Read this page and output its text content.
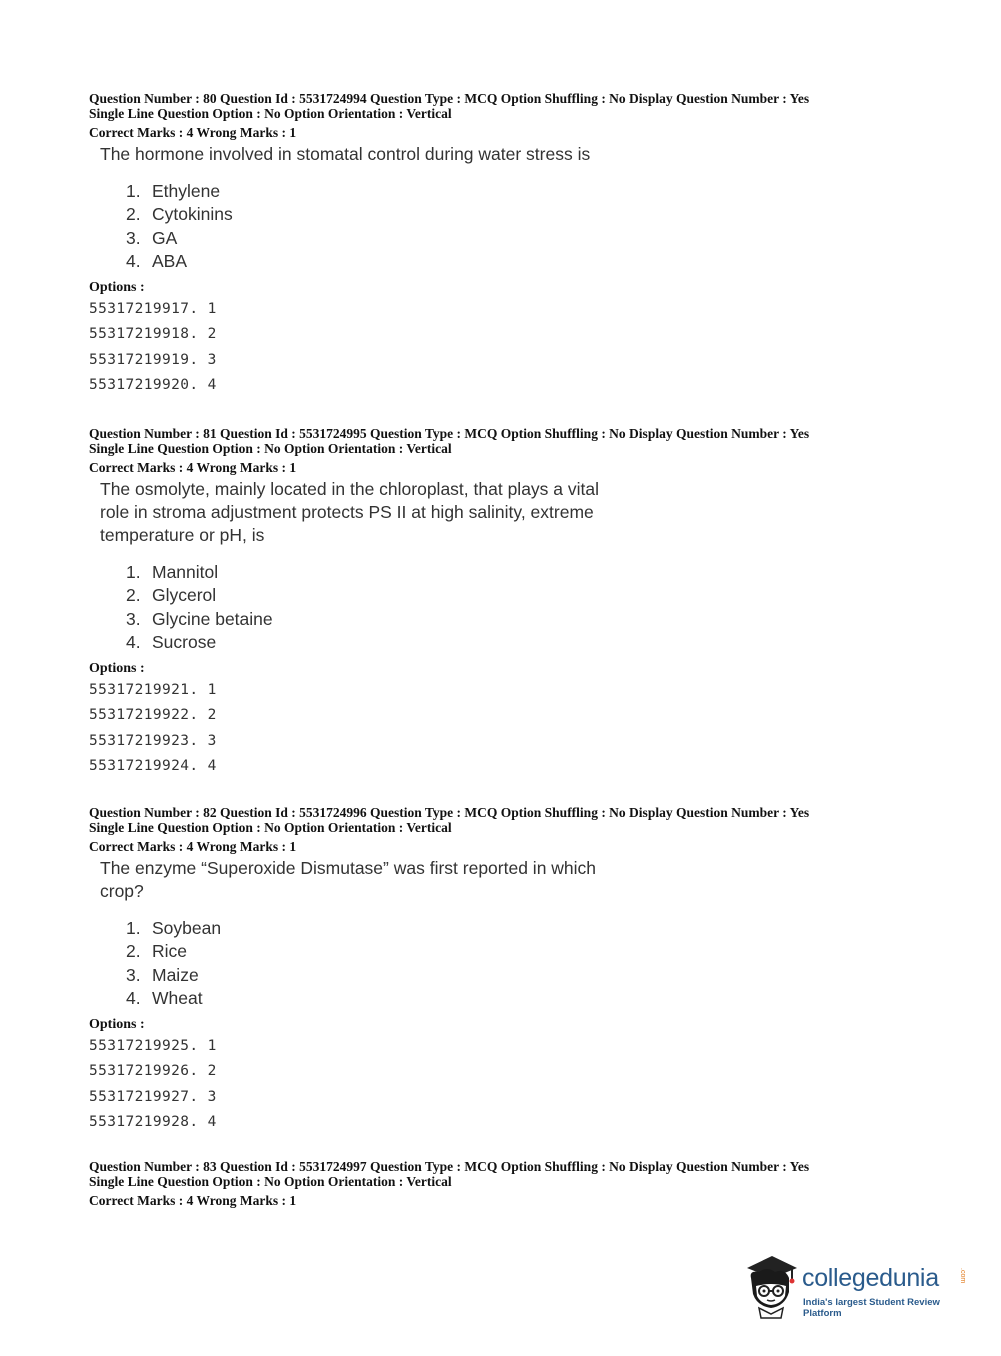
Question Number : 80 Question Id : 5531724994 Question Type : MCQ Option Shuffling : No Display Question Number : Yes
Single Line Question Option : No Option Orientation : Vertical
Correct Marks : 4 Wrong Marks : 1
The hormone involved in stomatal control during water stress is
1. Ethylene
2. Cytokinins
3. GA
4. ABA
Options :
55317219917. 1
55317219918. 2
55317219919. 3
55317219920. 4
Question Number : 81 Question Id : 5531724995 Question Type : MCQ Option Shuffling : No Display Question Number : Yes
Single Line Question Option : No Option Orientation : Vertical
Correct Marks : 4 Wrong Marks : 1
The osmolyte, mainly located in the chloroplast, that plays a vital role in stroma adjustment protects PS II at high salinity, extreme temperature or pH, is
1. Mannitol
2. Glycerol
3. Glycine betaine
4. Sucrose
Options :
55317219921. 1
55317219922. 2
55317219923. 3
55317219924. 4
Question Number : 82 Question Id : 5531724996 Question Type : MCQ Option Shuffling : No Display Question Number : Yes
Single Line Question Option : No Option Orientation : Vertical
Correct Marks : 4 Wrong Marks : 1
The enzyme “Superoxide Dismutase” was first reported in which crop?
1. Soybean
2. Rice
3. Maize
4. Wheat
Options :
55317219925. 1
55317219926. 2
55317219927. 3
55317219928. 4
Question Number : 83 Question Id : 5531724997 Question Type : MCQ Option Shuffling : No Display Question Number : Yes
Single Line Question Option : No Option Orientation : Vertical
Correct Marks : 4 Wrong Marks : 1
collegedunia	.com
India's largest Student Review Platform
